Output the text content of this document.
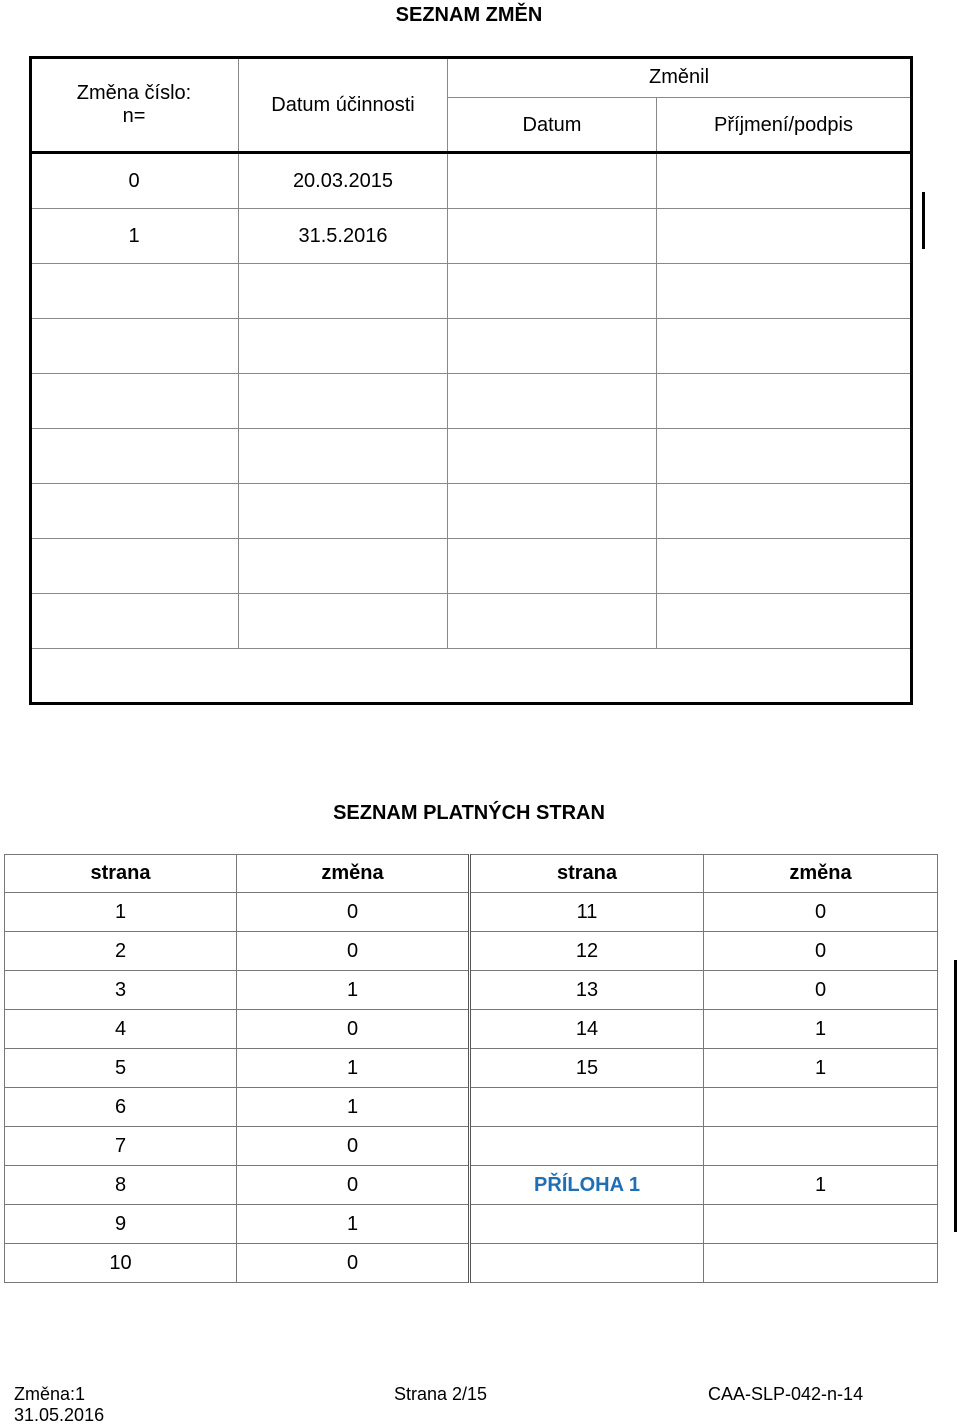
SEZNAM ZMĚN
Změna číslo:
n=	Datum účinnosti	Změnil	
		Datum	Příjmení/podpis
0	20.03.2015		
1	31.5.2016		

SEZNAM PLATNÝCH STRAN
strana	změna	strana	změna
1	0	11	0
2	0	12	0
3	1	13	0
4	0	14	1
5	1	15	1
6	1		
7	0		
8	0	PŘÍLOHA 1	1
9	1		
10	0		
Změna:1
31.05.2016
Strana 2/15	CAA-SLP-042-n-14
